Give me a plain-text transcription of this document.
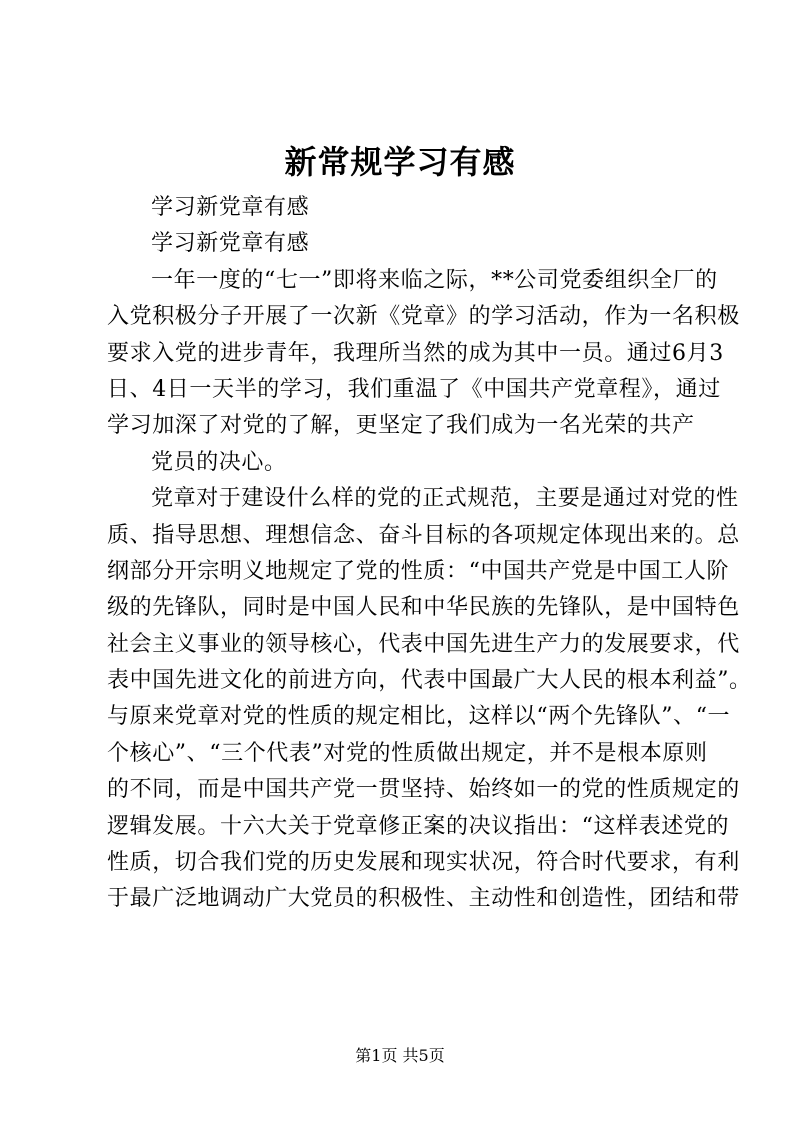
新常规学习有感
学习新党章有感
学习新党章有感
一年一度的“七一”即将来临之际，**公司党委组织全厂的
入党积极分子开展了一次新《党章》的学习活动，作为一名积极
要求入党的进步青年，我理所当然的成为其中一员。通过6月3
日、4日一天半的学习，我们重温了《中国共产党章程》，通过
学习加深了对党的了解，更坚定了我们成为一名光荣的共产
党员的决心。
党章对于建设什么样的党的正式规范，主要是通过对党的性
质、指导思想、理想信念、奋斗目标的各项规定体现出来的。总
纲部分开宗明义地规定了党的性质：“中国共产党是中国工人阶
级的先锋队，同时是中国人民和中华民族的先锋队，是中国特色
社会主义事业的领导核心，代表中国先进生产力的发展要求，代
表中国先进文化的前进方向，代表中国最广大人民的根本利益”。
与原来党章对党的性质的规定相比，这样以“两个先锋队”、“一
个核心”、“三个代表”对党的性质做出规定，并不是根本原则
的不同，而是中国共产党一贯坚持、始终如一的党的性质规定的
逻辑发展。十六大关于党章修正案的决议指出：“这样表述党的
性质，切合我们党的历史发展和现实状况，符合时代要求，有利
于最广泛地调动广大党员的积极性、主动性和创造性，团结和带
第1页 共5页
